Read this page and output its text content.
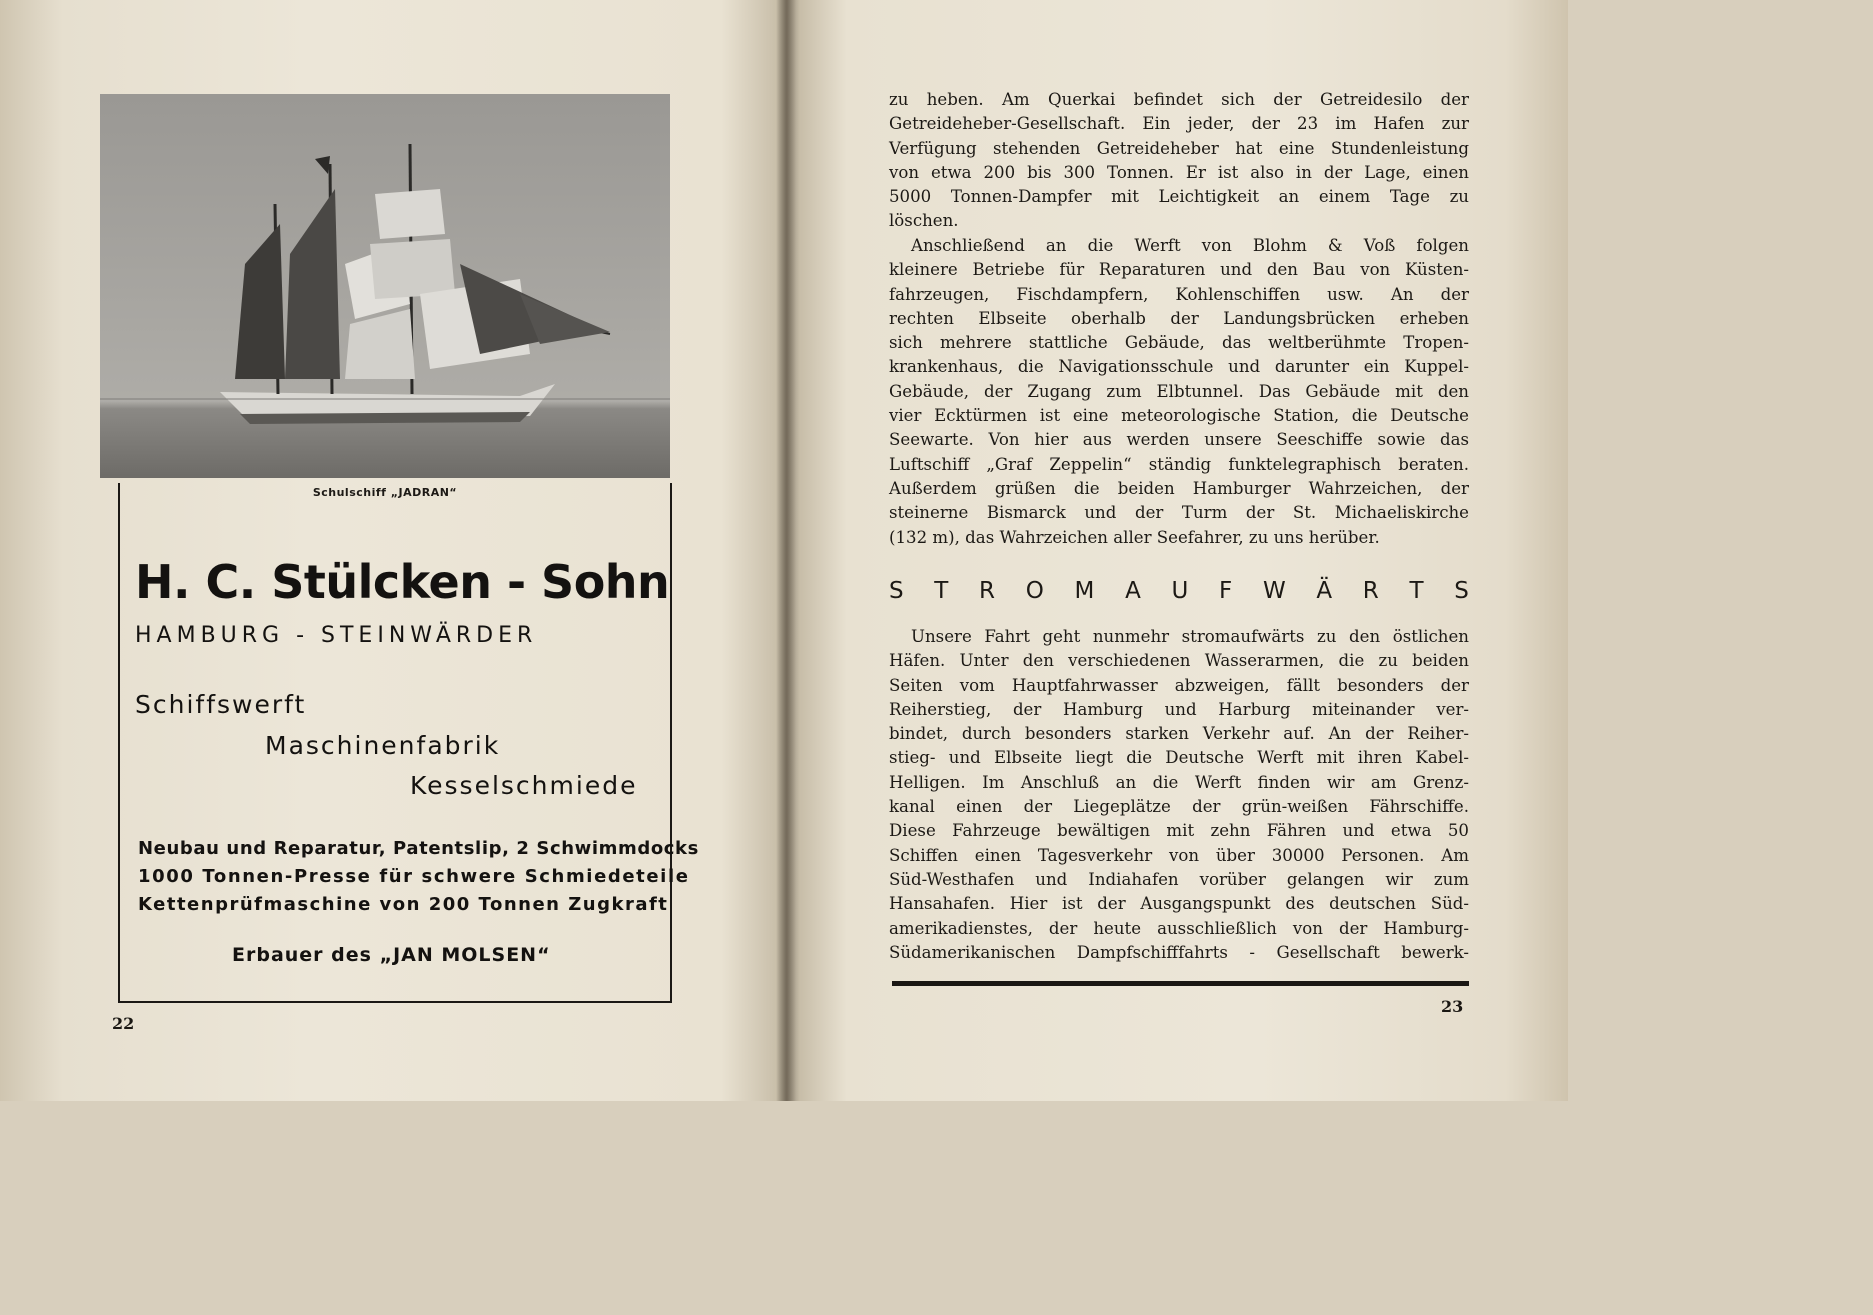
Schulschiff „JADRAN“
H. C. Stülcken - Sohn
HAMBURG - STEINWÄRDER
Schiffswerft
Maschinenfabrik
Kesselschmiede
Neubau und Reparatur, Patentslip, 2 Schwimmdocks
1000 Tonnen-Presse für schwere Schmiedeteile
Kettenprüfmaschine von 200 Tonnen Zugkraft
Erbauer des „JAN MOLSEN“
22
zu heben. Am Querkai befindet sich der Getreidesilo der
Getreideheber-Gesellschaft. Ein jeder, der 23 im Hafen zur
Verfügung stehenden Getreideheber hat eine Stundenleistung
von etwa 200 bis 300 Tonnen. Er ist also in der Lage, einen
5000 Tonnen-Dampfer mit Leichtigkeit an einem Tage zu
löschen.
Anschließend an die Werft von Blohm & Voß folgen
kleinere Betriebe für Reparaturen und den Bau von Küsten-
fahrzeugen, Fischdampfern, Kohlenschiffen usw. An der
rechten Elbseite oberhalb der Landungsbrücken erheben
sich mehrere stattliche Gebäude, das weltberühmte Tropen-
krankenhaus, die Navigationsschule und darunter ein Kuppel-
Gebäude, der Zugang zum Elbtunnel. Das Gebäude mit den
vier Ecktürmen ist eine meteorologische Station, die Deutsche
Seewarte. Von hier aus werden unsere Seeschiffe sowie das
Luftschiff „Graf Zeppelin“ ständig funktelegraphisch beraten.
Außerdem grüßen die beiden Hamburger Wahrzeichen, der
steinerne Bismarck und der Turm der St. Michaeliskirche
(132 m), das Wahrzeichen aller Seefahrer, zu uns herüber.
S T R O M A U F W Ä R T S
Unsere Fahrt geht nunmehr stromaufwärts zu den östlichen
Häfen. Unter den verschiedenen Wasserarmen, die zu beiden
Seiten vom Hauptfahrwasser abzweigen, fällt besonders der
Reiherstieg, der Hamburg und Harburg miteinander ver-
bindet, durch besonders starken Verkehr auf. An der Reiher-
stieg- und Elbseite liegt die Deutsche Werft mit ihren Kabel-
Helligen. Im Anschluß an die Werft finden wir am Grenz-
kanal einen der Liegeplätze der grün-weißen Fährschiffe.
Diese Fahrzeuge bewältigen mit zehn Fähren und etwa 50
Schiffen einen Tagesverkehr von über 30000 Personen. Am
Süd-Westhafen und Indiahafen vorüber gelangen wir zum
Hansahafen. Hier ist der Ausgangspunkt des deutschen Süd-
amerikadienstes, der heute ausschließlich von der Hamburg-
Südamerikanischen Dampfschifffahrts - Gesellschaft bewerk-
23
